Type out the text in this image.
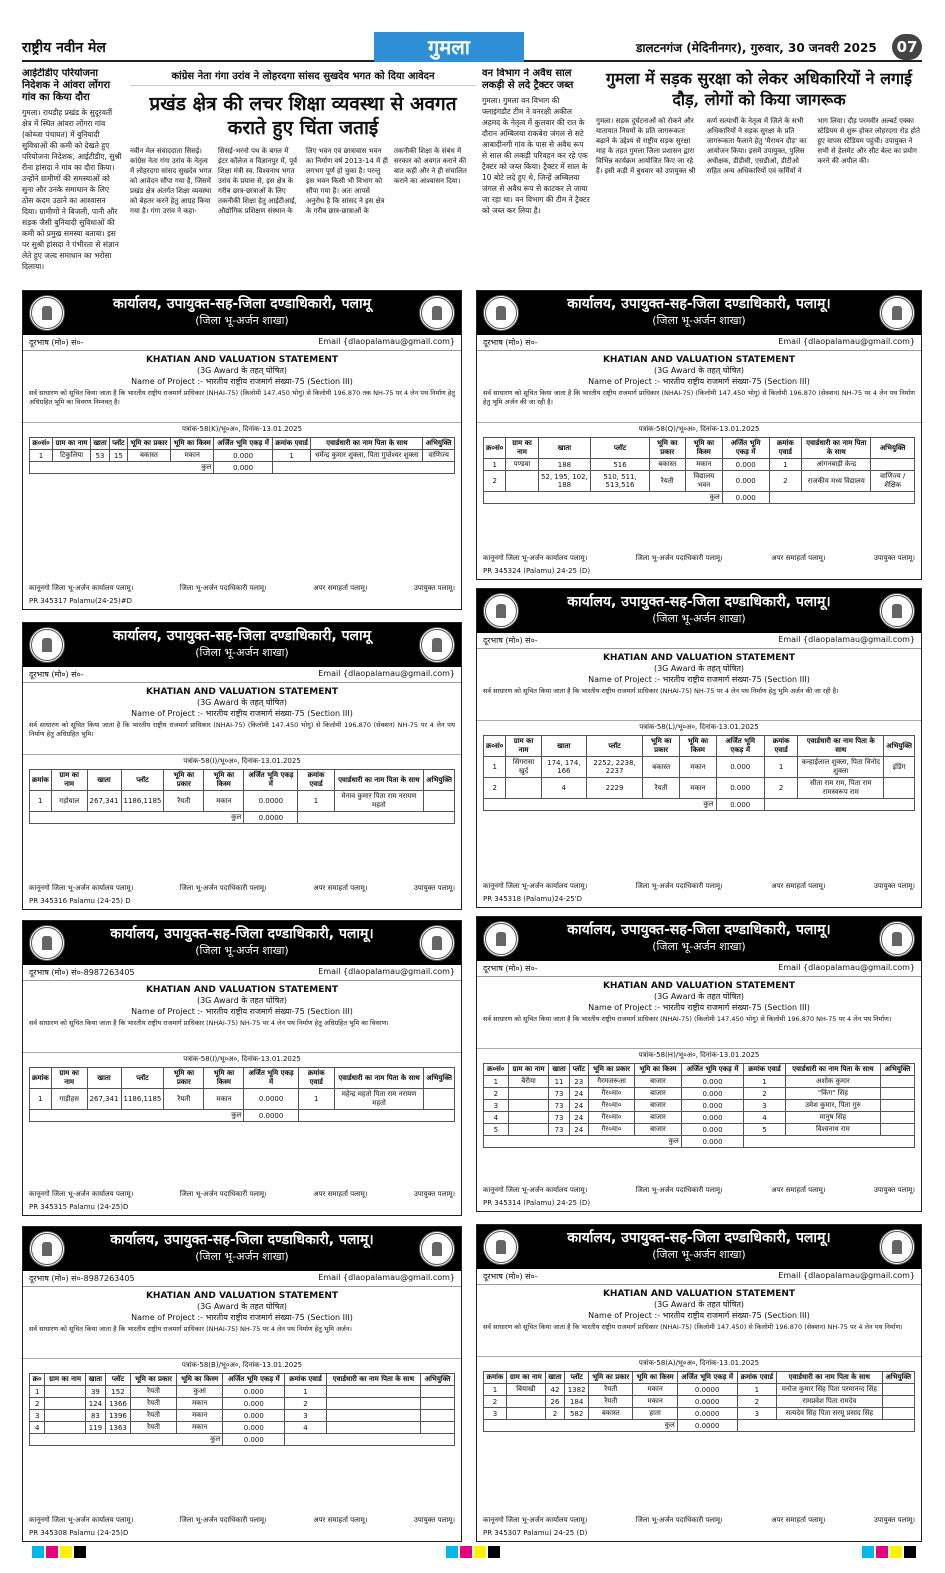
राष्ट्रीय नवीन मेल	गुमला	डालटनगंज (मेदिनीनगर), गुरुवार, 30 जनवरी 2025	07
आईटीडीए परियोजना निदेशक ने आंवरा लोंगरा गांव का किया दौरा

गुमला। रायडीह प्रखंड के सुदूरवर्ती क्षेत्र में स्थित आंवरा लोंगरा गांव (कोब्जा पंचायत) में बुनियादी सुविधाओं की कमी को देखते हुए परियोजना निदेशक, आईटीडीए, सुश्री रीना हांसदा ने गांव का दौरा किया। उन्होंने ग्रामीणों की समस्याओं को सुना और उनके समाधान के लिए ठोस कदम उठाने का आश्वासन दिया। ग्रामीणों ने बिजली, पानी और सड़क जैसी बुनियादी सुविधाओं की कमी को प्रमुख समस्या बताया। इस पर सुश्री हांसदा ने गंभीरता से संज्ञान लेते हुए जल्द समाधान का भरोसा दिलाया।

कांग्रेस नेता गंगा उरांव ने लोहरदगा सांसद सुखदेव भगत को दिया आवेदन
प्रखंड क्षेत्र की लचर शिक्षा व्यवस्था से अवगत कराते हुए चिंता जताई
नवीन मेल संवाददाता सिसई। कांग्रेस नेता गंगा उरांव के नेतृत्व में लोहरदगा सांसद सुखदेव भगत को आवेदन सौंपा गया है, जिसमें प्रखंड क्षेत्र अंतर्गत शिक्षा व्यवस्था को बेहतर करने हेतु आग्रह किया गया है। गंगा उरांव ने कहा- सिसई-भरनो पथ के बगल में इंटर कॉलेज व विज्ञानपुर में, पूर्व शिक्षा मंत्री स्व. विश्वनाथ भगत उरांव के प्रयास से, इस क्षेत्र के गरीब छात्र-छात्राओं के लिए तकनीकी शिक्षा हेतु आईटीआई, औद्योगिक प्रशिक्षण संस्थान के लिए भवन एवं छात्रावास भवन का निर्माण वर्ष 2013-14 में ही लगभग पूर्ण हो चुका है। परन्तु इस भवन किसी भी विभाग को सौंपा गया है। अतः आपसे अनुरोध है कि सांसद ने इस क्षेत्र के गरीब छात्र-छात्राओं के तकनीकी शिक्षा के संबंध में सरकार को अवगत कराने की बात कही और ने ही संचालित कराने का आश्वासन दिया।
वन विभाग ने अवैध साल लकड़ी से लदे ट्रैक्टर जब्त

गुमला। गुमला वन विभाग की फ्लाइंगडौट टीम ने वनरक्षी अकील अहमद के नेतृत्व में कुलवार की रात के दौरान अम्बिलया राकबेरा जंगल से सटे आबादीनगी गांव के पास से अवैध रूप से साल की लकड़ी परिवहन कर रहे एक ट्रैक्टर को जब्त किया। ट्रैक्टर में साल के 10 बोटे लदे हुए थे, जिन्हें अम्बिलया जंगल से अवैध रूप से काटकर ले जाया जा रहा था। वन विभाग की टीम ने ट्रैक्टर को जब्त कर लिया है।

गुमला में सड़क सुरक्षा को लेकर अधिकारियों ने लगाई दौड़, लोगों को किया जागरूक
गुमला। सड़क दुर्घटनाओं को रोकने और यातायात नियमों के प्रति जागरूकता बढ़ाने के उद्देश्य से राष्ट्रीय सड़क सुरक्षा माह के तहत गुमला जिला प्रशासन द्वारा विभिन्न कार्यक्रम आयोजित किए जा रहे हैं। इसी कड़ी में बुधवार को उपायुक्त श्री कर्ण सत्यार्थी के नेतृत्व में जिले के सभी अधिकारियों ने सड़क सुरक्षा के प्रति जागरूकता फैलाने हेतु 'मैराथन दौड़' का आयोजन किया। इसमें उपायुक्त, पुलिस अधीक्षक, डीडीसी, एसडीओ, डीटीओ सहित अन्य अधिकारियों एवं कर्मियों ने भाग लिया। दौड़ परमवीर अल्बर्ट एक्का स्टेडियम से शुरू होकर लोहरदगा रोड होते हुए वापस स्टेडियम पहुंची। उपायुक्त ने सभी से हेलमेट और सीट बेल्ट का प्रयोग करने की अपील की।
कार्यालय, उपायुक्त-सह-जिला दण्डाधिकारी, पलामू
(जिला भू-अर्जन शाखा)
दूरभाष (मो०) सं०-	Email {dlaopalamau@gmail.com}
KHATIAN AND VALUATION STATEMENT
(3G Award के तहत् घोषित)
Name of Project :- भारतीय राष्ट्रीय राजमार्ग संख्या-75 (Section III)
सर्व साधारण को सूचित किया जाता है कि भारतीय राष्ट्रीय राजमार्ग प्राधिकार (NHAI-75) (किलोमी 147.450 भोगु) से किलोमी 196.870 तक NH-75 पर 4 लेन पथ निर्माण हेतु अधिग्रहित भूमि का विवरण निम्नवत् है।
पत्रांक-58(K)/भू०अ०, दिनांक-13.01.2025
क्र०सं०	ग्राम का नाम	खाता	प्लॉट	भूमि का प्रकार	भूमि का किस्म	अर्जित भूमि एकड़ में	क्रमांक एवार्ड	एवार्डधारी का नाम पिता के साथ	अभियुक्ति
1	टिकुलिया	53	15	बकास्त	मकान	0.000	1	धर्मेन्द्र कुमार शुक्ला, पिता गुप्तेश्वर शुक्ला	वाणिज्य
कुल						0.000			
कानूनगो जिला भू-अर्जन कार्यालय पलामू।	जिला भू-अर्जन पदाधिकारी पलामू।	अपर समाहर्ता पलामू।	उपायुक्त पलामू।
PR 345317 Palamu(24-25)#D
कार्यालय, उपायुक्त-सह-जिला दण्डाधिकारी, पलामू।
(जिला भू-अर्जन शाखा)
दूरभाष (मो०) सं०-	Email {dlaopalamau@gmail.com}
KHATIAN AND VALUATION STATEMENT
(3G Award के तहत् घोषित)
Name of Project :- भारतीय राष्ट्रीय राजमार्ग संख्या-75 (Section III)
सर्व साधारण को सूचित किया जाता है कि भारतीय राष्ट्रीय राजमार्ग प्राधिकार (NHAI-75) (किलोमी 147.450 भोगु) से किलोमी 196.870 (सेक्शन) NH-75 पर 4 लेन पथ निर्माण हेतु भूमि अर्जन की जा रही है।
पत्रांक-58(Q)/भू०अ०, दिनांक-13.01.2025
क्र०सं०	ग्राम का नाम	खाता	प्लॉट	भूमि का प्रकार	भूमि का किस्म	अर्जित भूमि एकड़ में	क्रमांक एवार्ड	एवार्डधारी का नाम पिता के साथ	अभियुक्ति
1	पण्डवा	188	516	बकास्त	मकान	0.000	1	आंगनबाड़ी केन्द्र	
2		52, 195, 102, 188	510, 511, 513,516	रैयती	विद्यालय भवन	0.000	2	राजकीय मध्य विद्यालय	वाणिज्य / शैक्षिक
कुल						0.000			
कानूनगो जिला भू-अर्जन कार्यालय पलामू।	जिला भू-अर्जन पदाधिकारी पलामू।	अपर समाहर्ता पलामू।	उपायुक्त पलामू।
PR 345324 (Palamu) 24-25 (D)
कार्यालय, उपायुक्त-सह-जिला दण्डाधिकारी, पलामू
(जिला भू-अर्जन शाखा)
दूरभाष (मो०) सं०-	Email {dlaopalamau@gmail.com}
KHATIAN AND VALUATION STATEMENT
(3G Award के तहत् घोषित)
Name of Project :- भारतीय राष्ट्रीय राजमार्ग संख्या-75 (Section III)
सर्व साधारण को सूचित किया जाता है कि भारतीय राष्ट्रीय राजमार्ग प्राधिकार (NHAI-75) (किलोमी 147.450 भोगु) से किलोमी 196.870 (सेक्शन) NH-75 पर 4 लेन पथ निर्माण हेतु अधिग्रहित भूमि।
पत्रांक-58(I)/भू०अ०, दिनांक-13.01.2025
क्रमांक	ग्राम का नाम	खाता	प्लॉट	भूमि का प्रकार	भूमि का किस्म	अर्जित भूमि एकड़ में	क्रमांक एवार्ड	एवार्डधारी का नाम पिता के साथ	अभियुक्ति
1	गड़ोवाल	267,341	1186,1185	रैयती	मकान	0.0000	1	मेनाव कुमार पिता राम नरायण महतो	
कुल						0.0000			
कानूनगो जिला भू-अर्जन कार्यालय पलामू।	जिला भू-अर्जन पदाधिकारी पलामू।	अपर समाहर्ता पलामू।	उपायुक्त पलामू।
PR 345316 Palamu (24-25) D
कार्यालय, उपायुक्त-सह-जिला दण्डाधिकारी, पलामू।
(जिला भू-अर्जन शाखा)
दूरभाष (मो०) सं०-	Email {dlaopalamau@gmail.com}
KHATIAN AND VALUATION STATEMENT
(3G Award के तहत् घोषित)
Name of Project :- भारतीय राष्ट्रीय राजमार्ग संख्या-75 (Section III)
सर्व साधारण को सूचित किया जाता है कि भारतीय राष्ट्रीय राजमार्ग प्राधिकार (NHAI-75) NH-75 पर 4 लेन पथ निर्माण हेतु भूमि अर्जन की जा रही है।
पत्रांक-58(L)/भू०अ०, दिनांक-13.01.2025
क्र०सं०	ग्राम का नाम	खाता	प्लॉट	भूमि का प्रकार	भूमि का किस्म	अर्जित भूमि एकड़ में	क्रमांक एवार्ड	एवार्डधारी का नाम पिता के साथ	अभियुक्ति
1	सिंगरासा खुर्द	174, 174, 166	2252, 2238, 2237	बकास्त	मकान	0.000	1	कन्हाईलाल शुक्ला, पिता विनोद शुक्ला	इंडिंग
2		4	2229	रैयती	मकान	0.000	2	सीता राम राम, पिता राम रामस्वरूप राम	
कुल						0.000			
कानूनगो जिला भू-अर्जन कार्यालय पलामू।	जिला भू-अर्जन पदाधिकारी पलामू।	अपर समाहर्ता पलामू।	उपायुक्त पलामू।
PR 345318 (Palamu)24-25'D
कार्यालय, उपायुक्त-सह-जिला दण्डाधिकारी, पलामू।
(जिला भू-अर्जन शाखा)
दूरभाष (मो०) सं०-8987263405	Email {dlaopalamau@gmail.com}
KHATIAN AND VALUATION STATEMENT
(3G Award के तहत घोषित)
Name of Project :- भारतीय राष्ट्रीय राजमार्ग संख्या-75 (Section III)
सर्व साधारण को सूचित किया जाता है कि भारतीय राष्ट्रीय राजमार्ग प्राधिकार (NHAI-75) NH-75 पर 4 लेन पथ निर्माण हेतु अधिग्रहित भूमि का विवरण।
पत्रांक-58(I)/भू०अ०, दिनांक-13.01.2025
क्रमांक	ग्राम का नाम	खाता	प्लॉट	भूमि का प्रकार	भूमि का किस्म	अर्जित भूमि एकड़ में	क्रमांक एवार्ड	एवार्डधारी का नाम पिता के साथ	अभियुक्ति
1	गाड़ीहस	267,341	1186,1185	रैयती	मकान	0.0000	1	महेन्द्र महतो पिता राम नरायण महतो	
कुल						0.0000			
कानूनगो जिला भू-अर्जन कार्यालय पलामू।	जिला भू-अर्जन पदाधिकारी पलामू।	अपर समाहर्ता पलामू।	उपायुक्त पलामू।
PR 345315 Palamu (24-25)D
कार्यालय, उपायुक्त-सह-जिला दण्डाधिकारी, पलामू।
(जिला भू-अर्जन शाखा)
दूरभाष (मो०) सं०-	Email {dlaopalamau@gmail.com}
KHATIAN AND VALUATION STATEMENT
(3G Award के तहत घोषित)
Name of Project :- भारतीय राष्ट्रीय राजमार्ग संख्या-75 (Section III)
सर्व साधारण को सूचित किया जाता है कि भारतीय राष्ट्रीय राजमार्ग प्राधिकार (NHAI-75) (किलोमी 147.450 भोगु) से किलोमी 196.870 NH-75 पर 4 लेन पथ निर्माण।
पत्रांक-58(H)/भू०अ०, दिनांक-13.01.2025
क्र०सं०	ग्राम का नाम	खाता	प्लॉट	भूमि का प्रकार	भूमि का किस्म	अर्जित भूमि एकड़ में	क्रमांक एवार्ड	एवार्डधारी का नाम पिता के साथ	अभियुक्ति
1	बैरीया	11	23	गैरमजरूआ	बाजार	0.000	1	अशोक कुमार	
2		73	24	गैर०मा०	बाजार	0.000	2	"किंग" सिंह	
3		73	24	गैर०मा०	बाजार	0.000	3	उमेश कुमार, पिता गुरु	
4		73	24	गैर०मा०	बाजार	0.000	4	मानुष सिंह	
5		73	24	गैर०मा०	बाजार	0.000	5	विश्वनाथ राम	
कुल						0.000			
कानूनगो जिला भू-अर्जन कार्यालय पलामू।	जिला भू-अर्जन पदाधिकारी पलामू।	अपर समाहर्ता पलामू।	उपायुक्त पलामू।
PR 345314 (Palamu) 24-25 (D)
कार्यालय, उपायुक्त-सह-जिला दण्डाधिकारी, पलामू।
(जिला भू-अर्जन शाखा)
दूरभाष (मो०) सं०-8987263405	Email {dlaopalamau@gmail.com}
KHATIAN AND VALUATION STATEMENT
(3G Award के तहत घोषित)
Name of Project :- भारतीय राष्ट्रीय राजमार्ग संख्या-75 (Section III)
सर्व साधारण को सूचित किया जाता है कि भारतीय राष्ट्रीय राजमार्ग प्राधिकार (NHAI-75) NH-75 पर 4 लेन पथ निर्माण हेतु भूमि अर्जन।
पत्रांक-58(B)/भू०अ०, दिनांक-13.01.2025
क्र०	ग्राम का नाम	खाता	प्लॉट	भूमि का प्रकार	भूमि का किस्म	अर्जित भूमि एकड़ में	क्रमांक एवार्ड	एवार्डधारी का नाम पिता के साथ	अभियुक्ति
1		39	152	रैयती	कुआं	0.000	1		
2		124	1366	रैयती	मकान	0.000	2		
3		83	1396	रैयती	मकान	0.000	3		
4		119	1363	रैयती	मकान	0.000	4		
कुल						0.000			
कानूनगो जिला भू-अर्जन कार्यालय पलामू।	जिला भू-अर्जन पदाधिकारी पलामू।	अपर समाहर्ता पलामू।	उपायुक्त पलामू।
PR 345308 Palamu (24-25)D
कार्यालय, उपायुक्त-सह-जिला दण्डाधिकारी, पलामू।
(जिला भू-अर्जन शाखा)
दूरभाष (मो०) सं०-	Email {dlaopalamau@gmail.com}
KHATIAN AND VALUATION STATEMENT
(3G Award के तहत घोषित)
Name of Project :- भारतीय राष्ट्रीय राजमार्ग संख्या-75 (Section III)
सर्व साधारण को सूचित किया जाता है कि भारतीय राष्ट्रीय राजमार्ग प्राधिकार (NHAI-75) (किलोमी 147.450) से किलोमी 196.870 (सेक्शन) NH-75 पर 4 लेन पथ निर्माण।
पत्रांक-58(A)/भू०अ०, दिनांक-13.01.2025
क्रमांक	ग्राम का नाम	खाता	प्लॉट	भूमि का प्रकार	भूमि का किस्म	अर्जित भूमि एकड़ में	क्रमांक एवार्ड	एवार्डधारी का नाम पिता के साथ	अभियुक्ति
1	बियाखी	42	1382	रैयती	मकान	0.0000	1	मनोज कुमार सिंह पिता परमानन्द सिंह	
2		26	184	रैयती	मकान	0.0000	2	रामप्रवेश पिता रामदेव	
3		2	582	बकास्त	हाता	0.0000	3	सत्यदेव सिंह पिता सरयू प्रसाद सिंह	
कुल						0.0000			
कानूनगो जिला भू-अर्जन कार्यालय पलामू।	जिला भू-अर्जन पदाधिकारी पलामू।	अपर समाहर्ता पलामू।	उपायुक्त पलामू।
PR 345307 Palamu) 24-25 (D)
